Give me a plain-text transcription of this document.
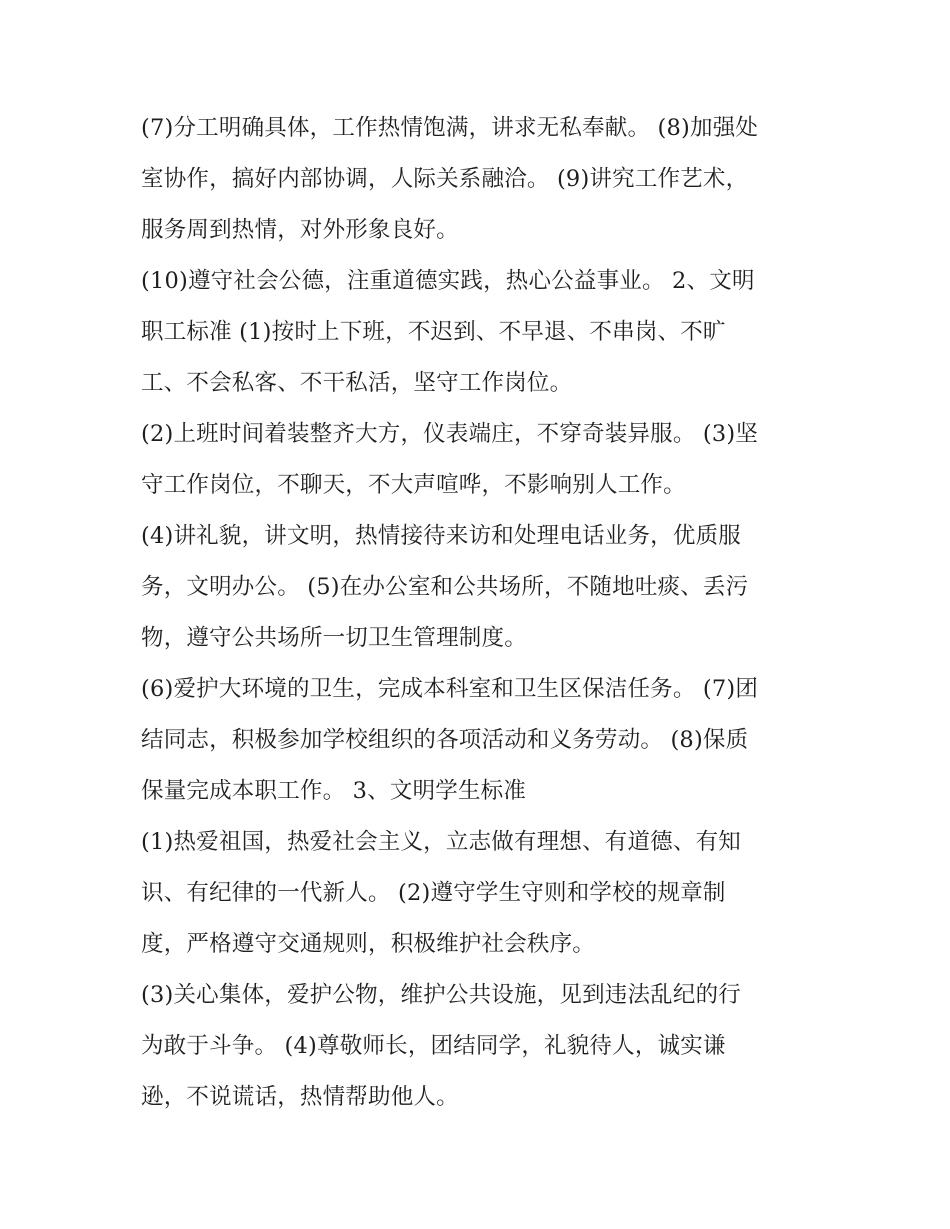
(7)分工明确具体，工作热情饱满，讲求无私奉献。 (8)加强处
室协作，搞好内部协调，人际关系融洽。 (9)讲究工作艺术，
服务周到热情，对外形象良好。
(10)遵守社会公德，注重道德实践，热心公益事业。 2、文明
职工标准 (1)按时上下班，不迟到、不早退、不串岗、不旷
工、不会私客、不干私活，坚守工作岗位。
(2)上班时间着装整齐大方，仪表端庄，不穿奇装异服。 (3)坚
守工作岗位，不聊天，不大声喧哗，不影响别人工作。
(4)讲礼貌，讲文明，热情接待来访和处理电话业务，优质服
务，文明办公。 (5)在办公室和公共场所，不随地吐痰、丢污
物，遵守公共场所一切卫生管理制度。
(6)爱护大环境的卫生，完成本科室和卫生区保洁任务。 (7)团
结同志，积极参加学校组织的各项活动和义务劳动。 (8)保质
保量完成本职工作。 3、文明学生标准
(1)热爱祖国，热爱社会主义，立志做有理想、有道德、有知
识、有纪律的一代新人。 (2)遵守学生守则和学校的规章制
度，严格遵守交通规则，积极维护社会秩序。
(3)关心集体，爱护公物，维护公共设施，见到违法乱纪的行
为敢于斗争。 (4)尊敬师长，团结同学，礼貌待人，诚实谦
逊，不说谎话，热情帮助他人。
